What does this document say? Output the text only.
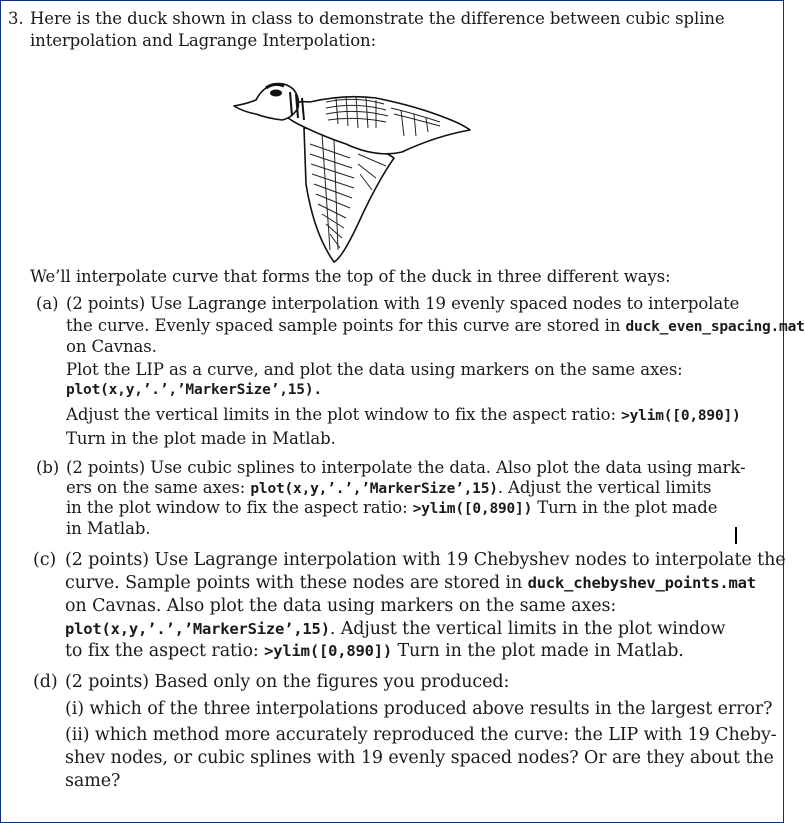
3. Here is the duck shown in class to demonstrate the difference between cubic spline
interpolation and Lagrange Interpolation:
We’ll interpolate curve that forms the top of the duck in three different ways:
(a) (2 points) Use Lagrange interpolation with 19 evenly spaced nodes to interpolate
the curve. Evenly spaced sample points for this curve are stored in duck_even_spacing.mat
on Cavnas.
Plot the LIP as a curve, and plot the data using markers on the same axes:
plot(x,y,’.’,’MarkerSize’,15).
Adjust the vertical limits in the plot window to fix the aspect ratio: >ylim([0,890])
Turn in the plot made in Matlab.
(b) (2 points) Use cubic splines to interpolate the data. Also plot the data using mark-
ers on the same axes: plot(x,y,’.’,’MarkerSize’,15). Adjust the vertical limits
in the plot window to fix the aspect ratio: >ylim([0,890]) Turn in the plot made
in Matlab.
(c) (2 points) Use Lagrange interpolation with 19 Chebyshev nodes to interpolate the
curve. Sample points with these nodes are stored in duck_chebyshev_points.mat
on Cavnas. Also plot the data using markers on the same axes:
plot(x,y,’.’,’MarkerSize’,15). Adjust the vertical limits in the plot window
to fix the aspect ratio: >ylim([0,890]) Turn in the plot made in Matlab.
(d) (2 points) Based only on the figures you produced:
(i) which of the three interpolations produced above results in the largest error?
(ii) which method more accurately reproduced the curve: the LIP with 19 Cheby-
shev nodes, or cubic splines with 19 evenly spaced nodes? Or are they about the
same?
